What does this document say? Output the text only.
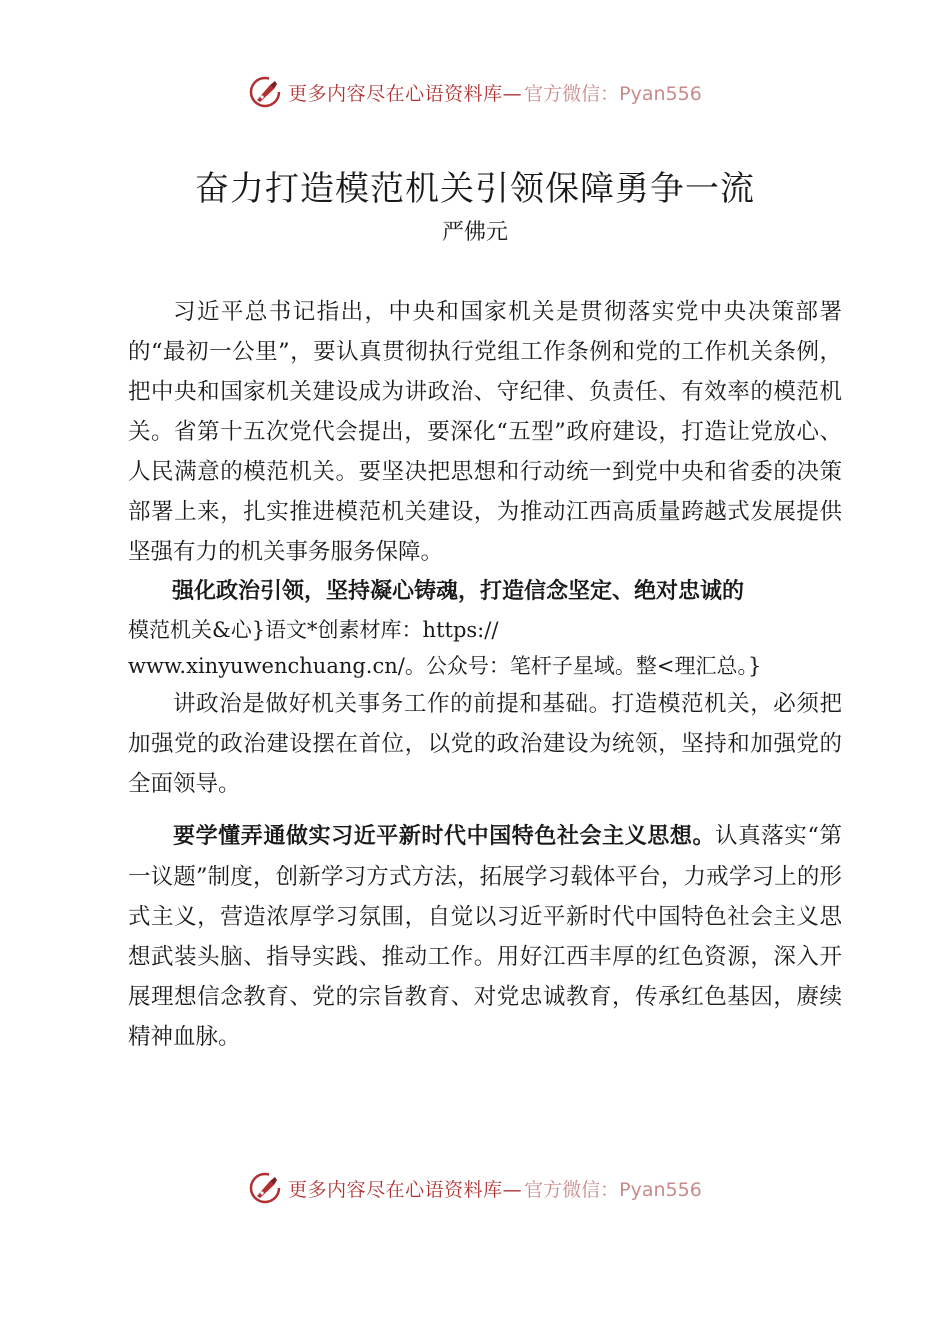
更多内容尽在心语资料库— 官方微信：Pyan556
奋力打造模范机关引领保障勇争一流
严佛元

习近平总书记指出，中央和国家机关是贯彻落实党中央决策部署的“最初一公里”，要认真贯彻执行党组工作条例和党的工作机关条例，把中央和国家机关建设成为讲政治、守纪律、负责任、有效率的模范机关。省第十五次党代会提出，要深化“五型”政府建设，打造让党放心、人民满意的模范机关。要坚决把思想和行动统一到党中央和省委的决策部署上来，扎实推进模范机关建设，为推动江西高质量跨越式发展提供坚强有力的机关事务服务保障。

强化政治引领，坚持凝心铸魂，打造信念坚定、绝对忠诚的

模范机关&心}语文*创素材库：https://

www.xinyuwenchuang.cn/。公众号：笔杆子星域。整<理汇总。}

讲政治是做好机关事务工作的前提和基础。打造模范机关，必须把加强党的政治建设摆在首位，以党的政治建设为统领，坚持和加强党的全面领导。

要学懂弄通做实习近平新时代中国特色社会主义思想。认真落实“第一议题”制度，创新学习方式方法，拓展学习载体平台，力戒学习上的形式主义，营造浓厚学习氛围，自觉以习近平新时代中国特色社会主义思想武装头脑、指导实践、推动工作。用好江西丰厚的红色资源，深入开展理想信念教育、党的宗旨教育、对党忠诚教育，传承红色基因，赓续精神血脉。

更多内容尽在心语资料库— 官方微信：Pyan556
